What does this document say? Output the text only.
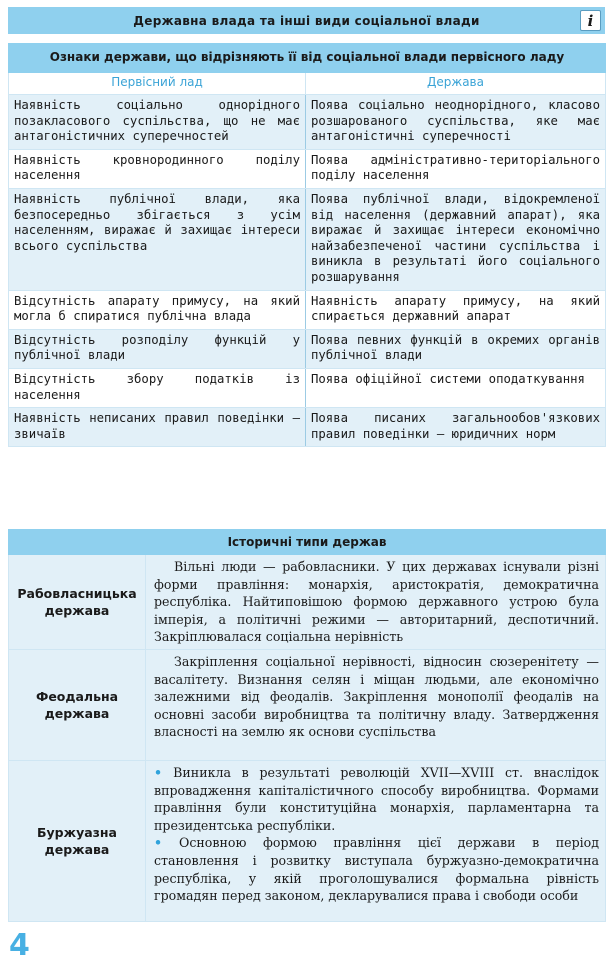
Державна влада та інші види соціальної влади	i
Ознаки держави, що відрізняють її від соціальної влади первісного ладу	
Первісний лад	Держава
Наявність соціально однорідного позакласового суспільства, що не має антагоністичних суперечностей	Поява соціально неоднорідного, класово розшарованого суспільства, яке має антагоністичні суперечності
Наявність кровнородинного поділу населення	Поява адміністративно-територіального поділу населення
Наявність публічної влади, яка безпосередньо збігається з усім населенням, виражає й захищає інтереси всього суспільства	Поява публічної влади, відокремленої від населення (державний апарат), яка виражає й захищає інтереси економічно найзабезпеченої частини суспільства і виникла в результаті його соціального розшарування
Відсутність апарату примусу, на який могла б спиратися публічна влада	Наявність апарату примусу, на який спирається державний апарат
Відсутність розподілу функцій у публічної влади	Поява певних функцій в окремих органів публічної влади
Відсутність збору податків із населення	Поява офіційної системи оподаткування
Наявність неписаних правил поведінки — звичаїв	Поява писаних загальнообов'язкових правил поведінки — юридичних норм
Історичні типи держав	
Рабовласницька держава	Вільні люди — рабовласники. У цих державах існували різні форми правління: монархія, аристократія, демократична республіка. Найтиповішою формою державного устрою була імперія, а політичні режими — авторитарний, деспотичний. Закріплювалася соціальна нерівність

Феодальна держава	Закріплення соціальної нерівності, відносин сюзеренітету — васалітету. Визнання селян і міщан людьми, але економічно залежними від феодалів. Закріплення монополії феодалів на основні засоби виробництва та політичну владу. Затвердження власності на землю як основи суспільства

Буржуазна держава	• Виникла в результаті революцій XVII—XVIII ст. внаслідок впровадження капіталістичного способу виробництва. Формами правління були конституційна монархія, парламентарна та президентська республіки.

• Основною формою правління цієї держави в період становлення і розвитку виступала буржуазно-демократична республіка, у якій проголошувалися формальна рівність громадян перед законом, декларувалися права і свободи особи

4
